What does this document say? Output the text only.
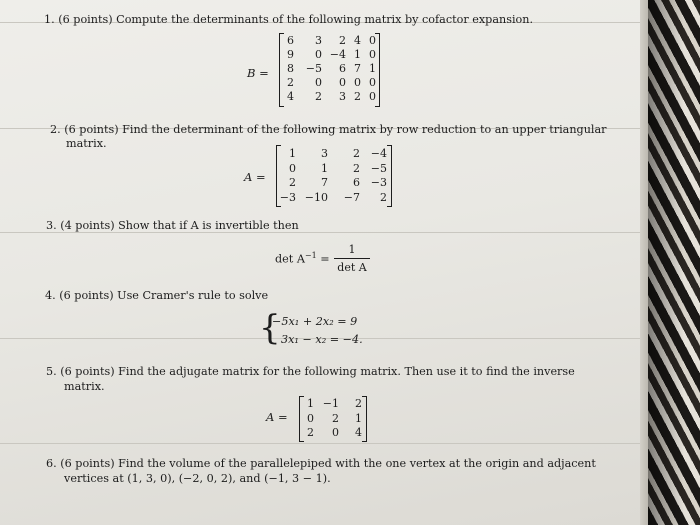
1. (6 points) Compute the determinants of the following matrix by cofactor expansion.
B =
6 3 2 4 0
9 0 −4 1 0
8 −5 6 7 1
2 0 0 0 0
4 2 3 2 0
2. (6 points) Find the determinant of the following matrix by row reduction to an upper triangular
matrix.
A =
1 3 2 −4
0 1 2 −5
2 7 6 −3
−3 −10 −7 2
3. (4 points) Show that if A is invertible then
$\det A^{-1}$ =
1
det A
4. (6 points) Use Cramer's rule to solve
{
−5x₁ + 2x₂ = 9
3x₁ − x₂ = −4.
5. (6 points) Find the adjugate matrix for the following matrix. Then use it to find the inverse
matrix.
A =
1 −1 2
0 2 1
2 0 4
6. (6 points) Find the volume of the parallelepiped with the one vertex at the origin and adjacent
vertices at (1, 3, 0), (−2, 0, 2), and (−1, 3 − 1).
